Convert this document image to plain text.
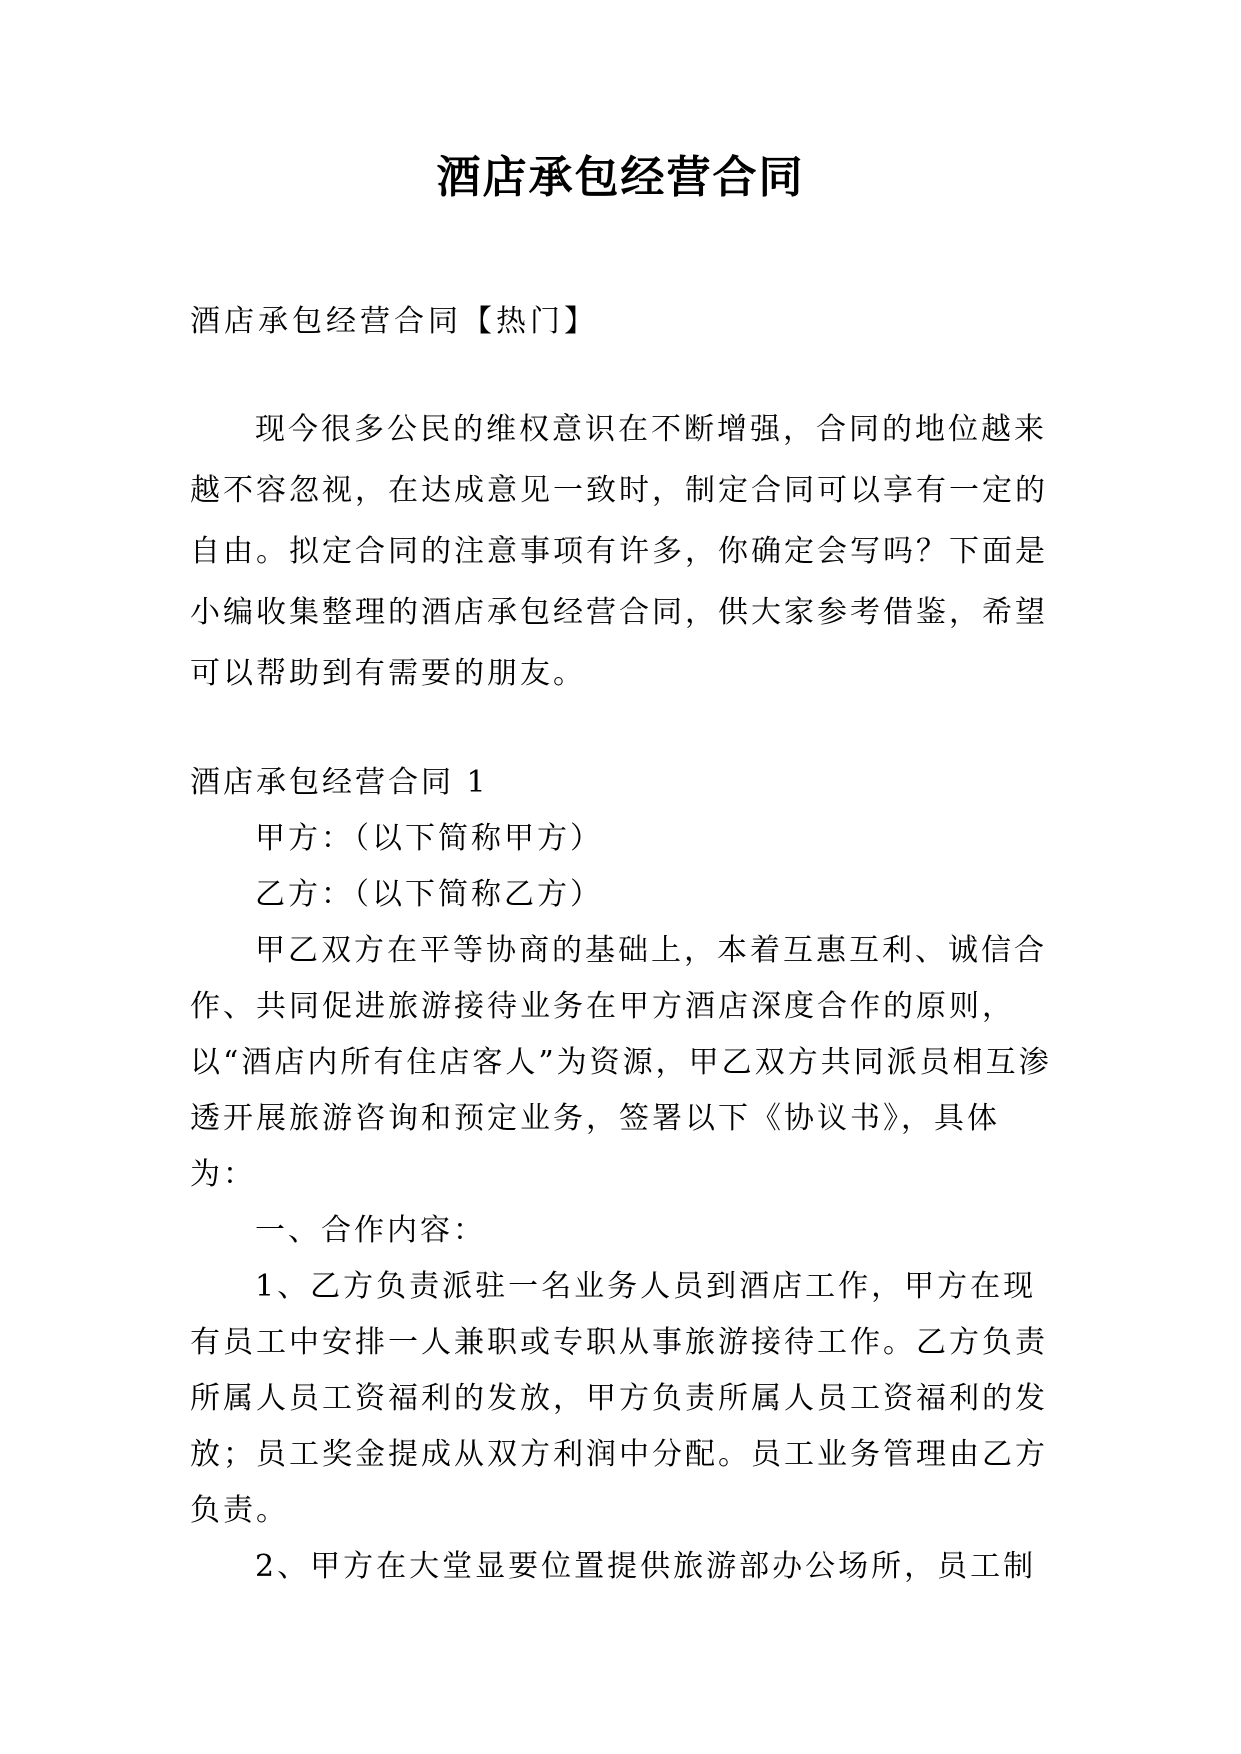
酒店承包经营合同

酒店承包经营合同【热门】

现今很多公民的维权意识在不断增强，合同的地位越来越不容忽视，在达成意见一致时，制定合同可以享有一定的自由。拟定合同的注意事项有许多，你确定会写吗？下面是小编收集整理的酒店承包经营合同，供大家参考借鉴，希望可以帮助到有需要的朋友。

酒店承包经营合同 1

甲方：（以下简称甲方）

乙方：（以下简称乙方）

甲乙双方在平等协商的基础上，本着互惠互利、诚信合作、共同促进旅游接待业务在甲方酒店深度合作的原则，以“酒店内所有住店客人”为资源，甲乙双方共同派员相互渗透开展旅游咨询和预定业务，签署以下《协议书》，具体为：

一、合作内容：

1、乙方负责派驻一名业务人员到酒店工作，甲方在现有员工中安排一人兼职或专职从事旅游接待工作。乙方负责所属人员工资福利的发放，甲方负责所属人员工资福利的发放；员工奖金提成从双方利润中分配。员工业务管理由乙方负责。

2、甲方在大堂显要位置提供旅游部办公场所，员工制
